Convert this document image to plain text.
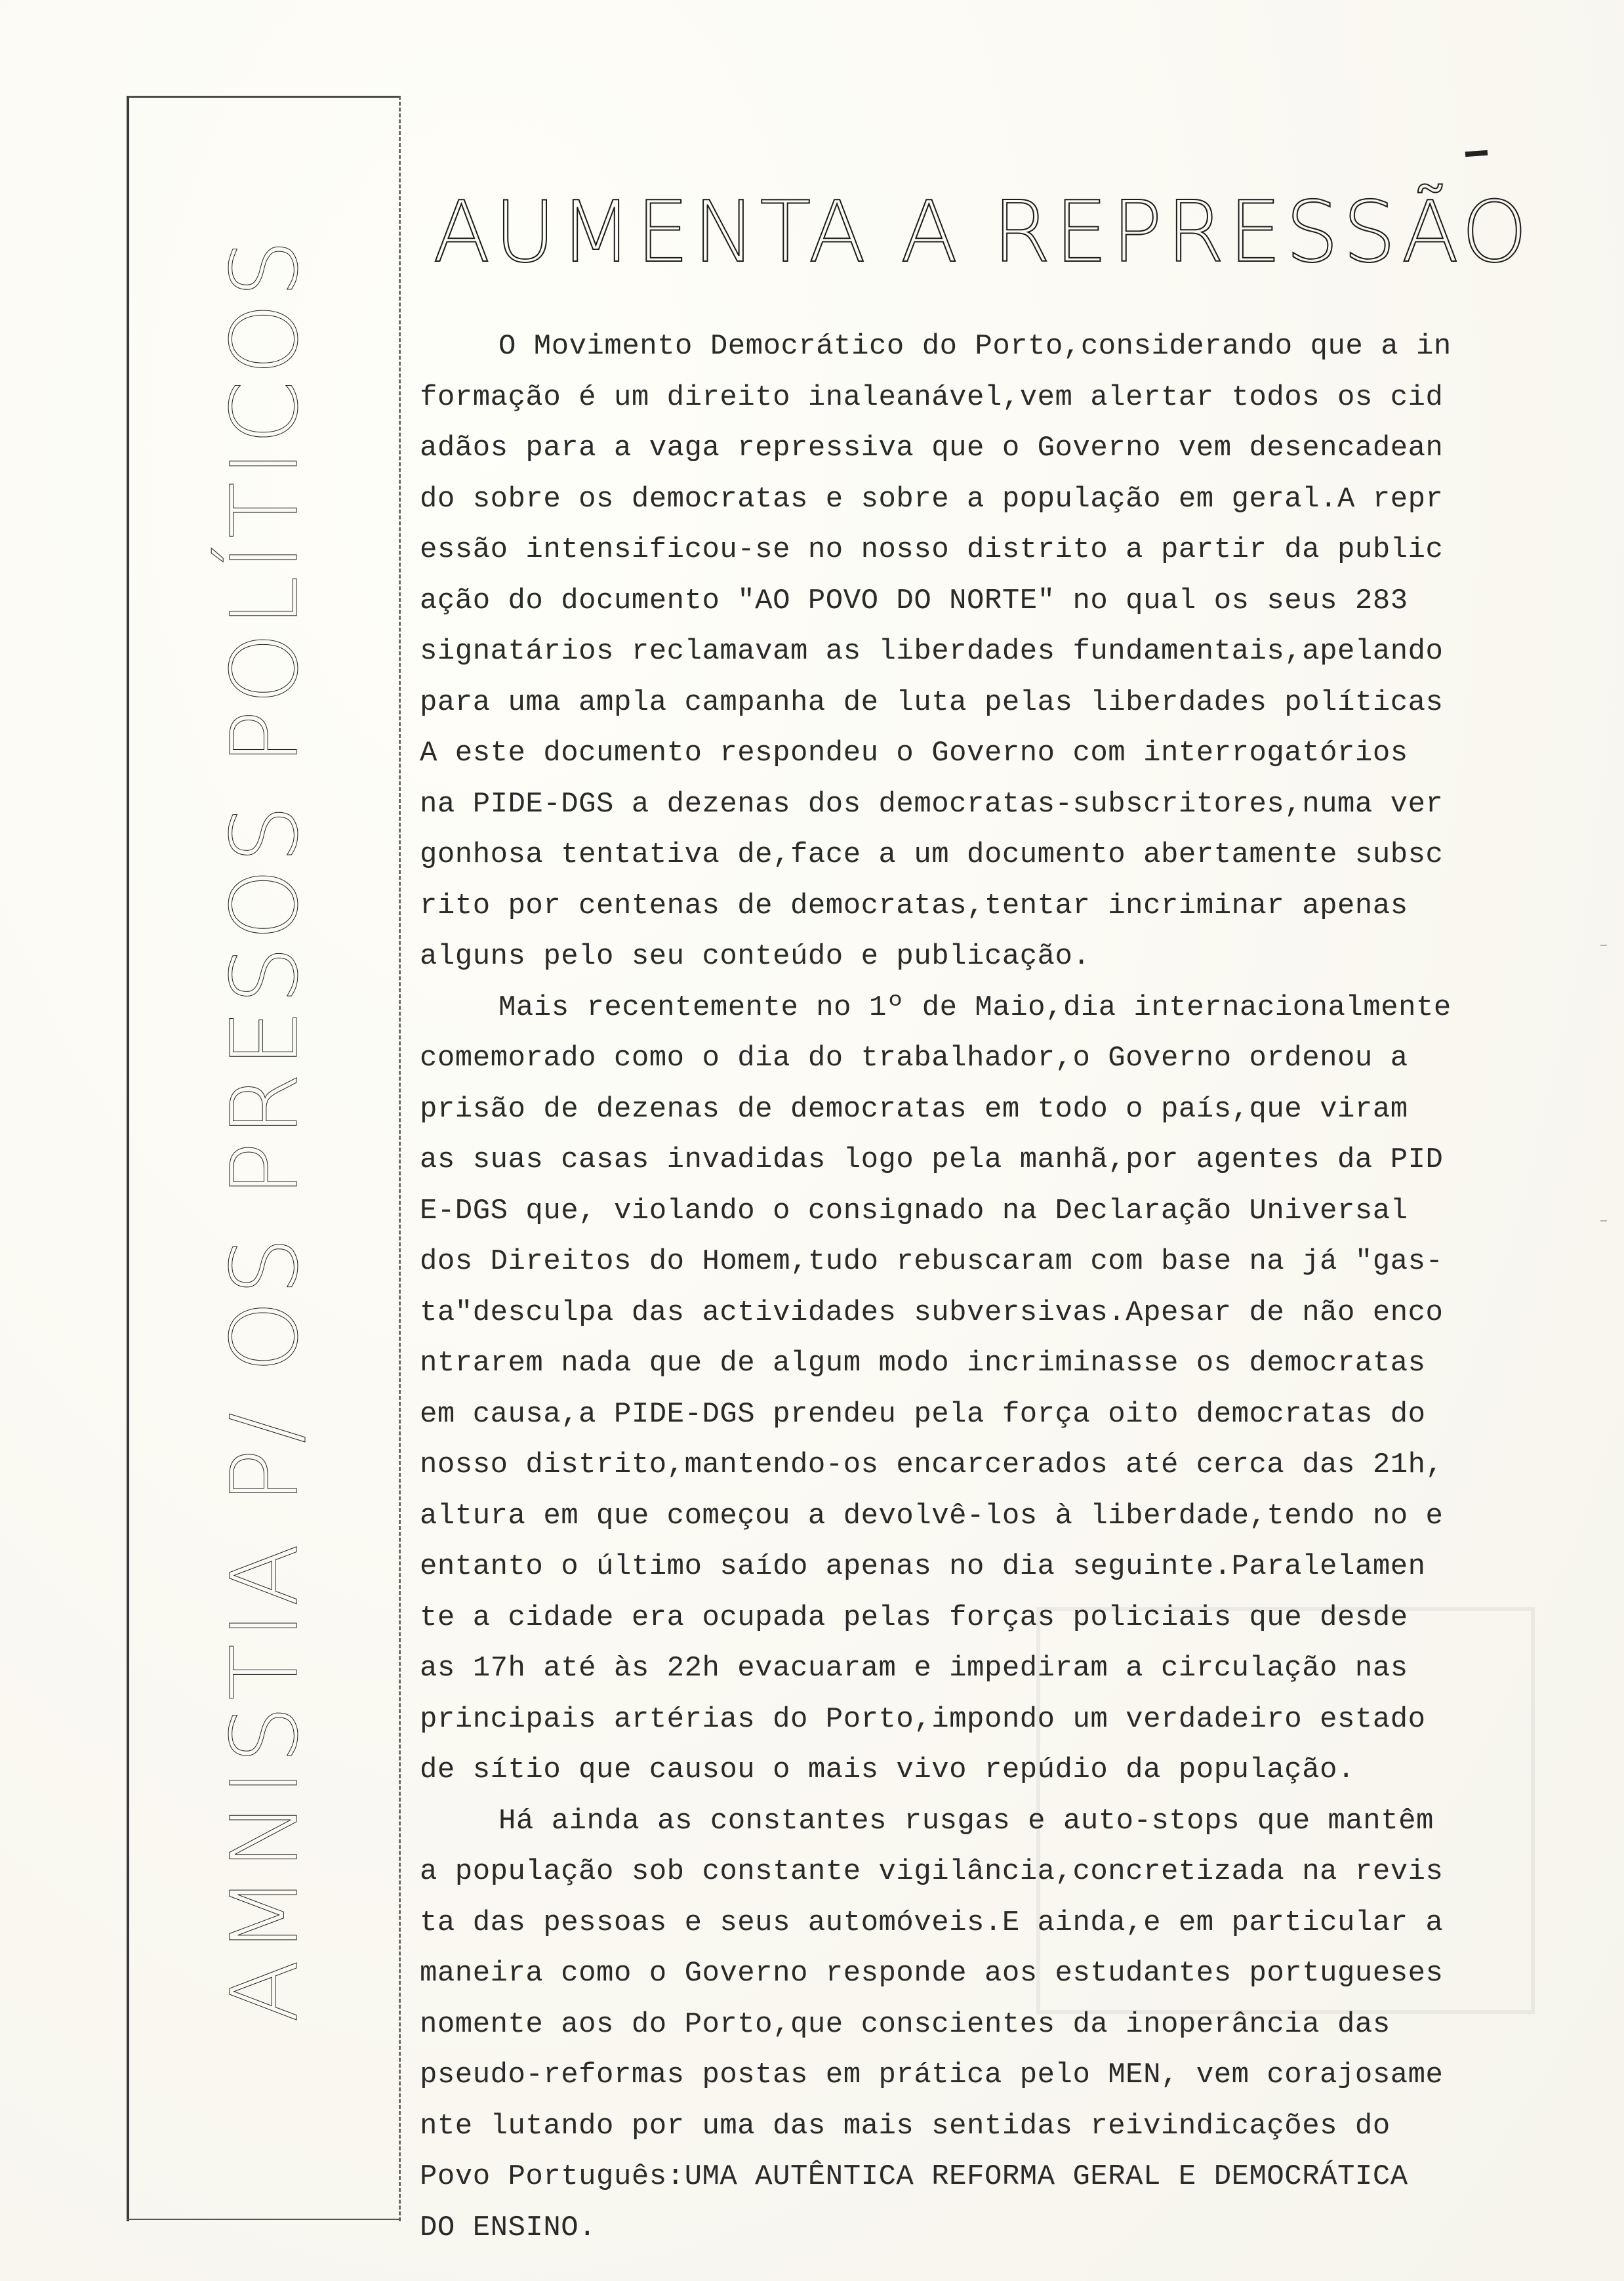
AMNISTIA P/ OS PRESOS POLÍTICOS
AUMENTA A REPRESSÃO
O Movimento Democrático do Porto,considerando que a in
formação é um direito inaleanável,vem alertar todos os cid
adãos para a vaga repressiva que o Governo vem desencadean
do sobre os democratas e sobre a população em geral.A repr
essão intensificou-se no nosso distrito a partir da public
ação do documento "AO POVO DO NORTE" no qual os seus 283
signatários reclamavam as liberdades fundamentais,apelando
para uma ampla campanha de luta pelas liberdades políticas
A este documento respondeu o Governo com interrogatórios
na PIDE-DGS a dezenas dos democratas-subscritores,numa ver
gonhosa tentativa de,face a um documento abertamente subsc
rito por centenas de democratas,tentar incriminar apenas
alguns pelo seu conteúdo e publicação.
Mais recentemente no 1º de Maio,dia internacionalmente
comemorado como o dia do trabalhador,o Governo ordenou a
prisão de dezenas de democratas em todo o país,que viram
as suas casas invadidas logo pela manhã,por agentes da PID
E-DGS que, violando o consignado na Declaração Universal
dos Direitos do Homem,tudo rebuscaram com base na já "gas-
ta"desculpa das actividades subversivas.Apesar de não enco
ntrarem nada que de algum modo incriminasse os democratas
em causa,a PIDE-DGS prendeu pela força oito democratas do
nosso distrito,mantendo-os encarcerados até cerca das 21h,
altura em que começou a devolvê-los à liberdade,tendo no e
entanto o último saído apenas no dia seguinte.Paralelamen
te a cidade era ocupada pelas forças policiais que desde
as 17h até às 22h evacuaram e impediram a circulação nas
principais artérias do Porto,impondo um verdadeiro estado
de sítio que causou o mais vivo repúdio da população.
Há ainda as constantes rusgas e auto-stops que mantêm
a população sob constante vigilância,concretizada na revis
ta das pessoas e seus automóveis.E ainda,e em particular a
maneira como o Governo responde aos estudantes portugueses
nomente aos do Porto,que conscientes da inoperância das
pseudo-reformas postas em prática pelo MEN, vem corajosame
nte lutando por uma das mais sentidas reivindicações do
Povo Português:UMA AUTÊNTICA REFORMA GERAL E DEMOCRÁTICA
DO ENSINO.
